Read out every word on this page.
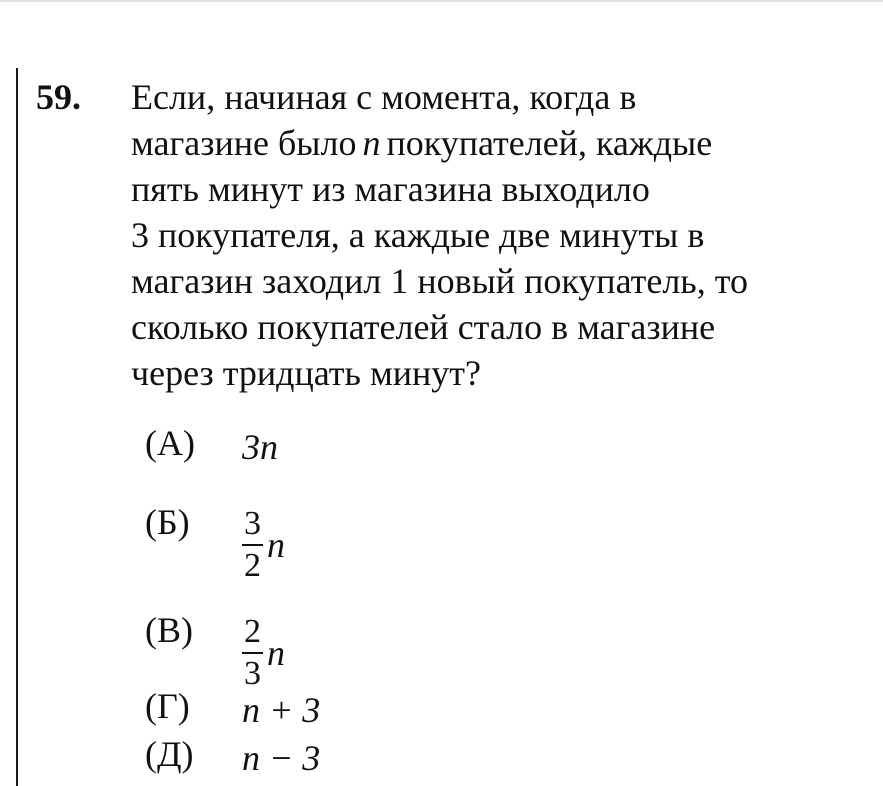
59. Если, начиная с момента, когда в
магазине было n покупателей, каждые
пять минут из магазина выходило
3 покупателя, а каждые две минуты в
магазин заходил 1 новый покупатель, то
сколько покупателей стало в магазине
через тридцать минут?
(А) 3n
$(Б) \frac{3}{2}$ n
$(В) \frac{2}{3}$ n
(Г) n + 3
(Д) n − 3
